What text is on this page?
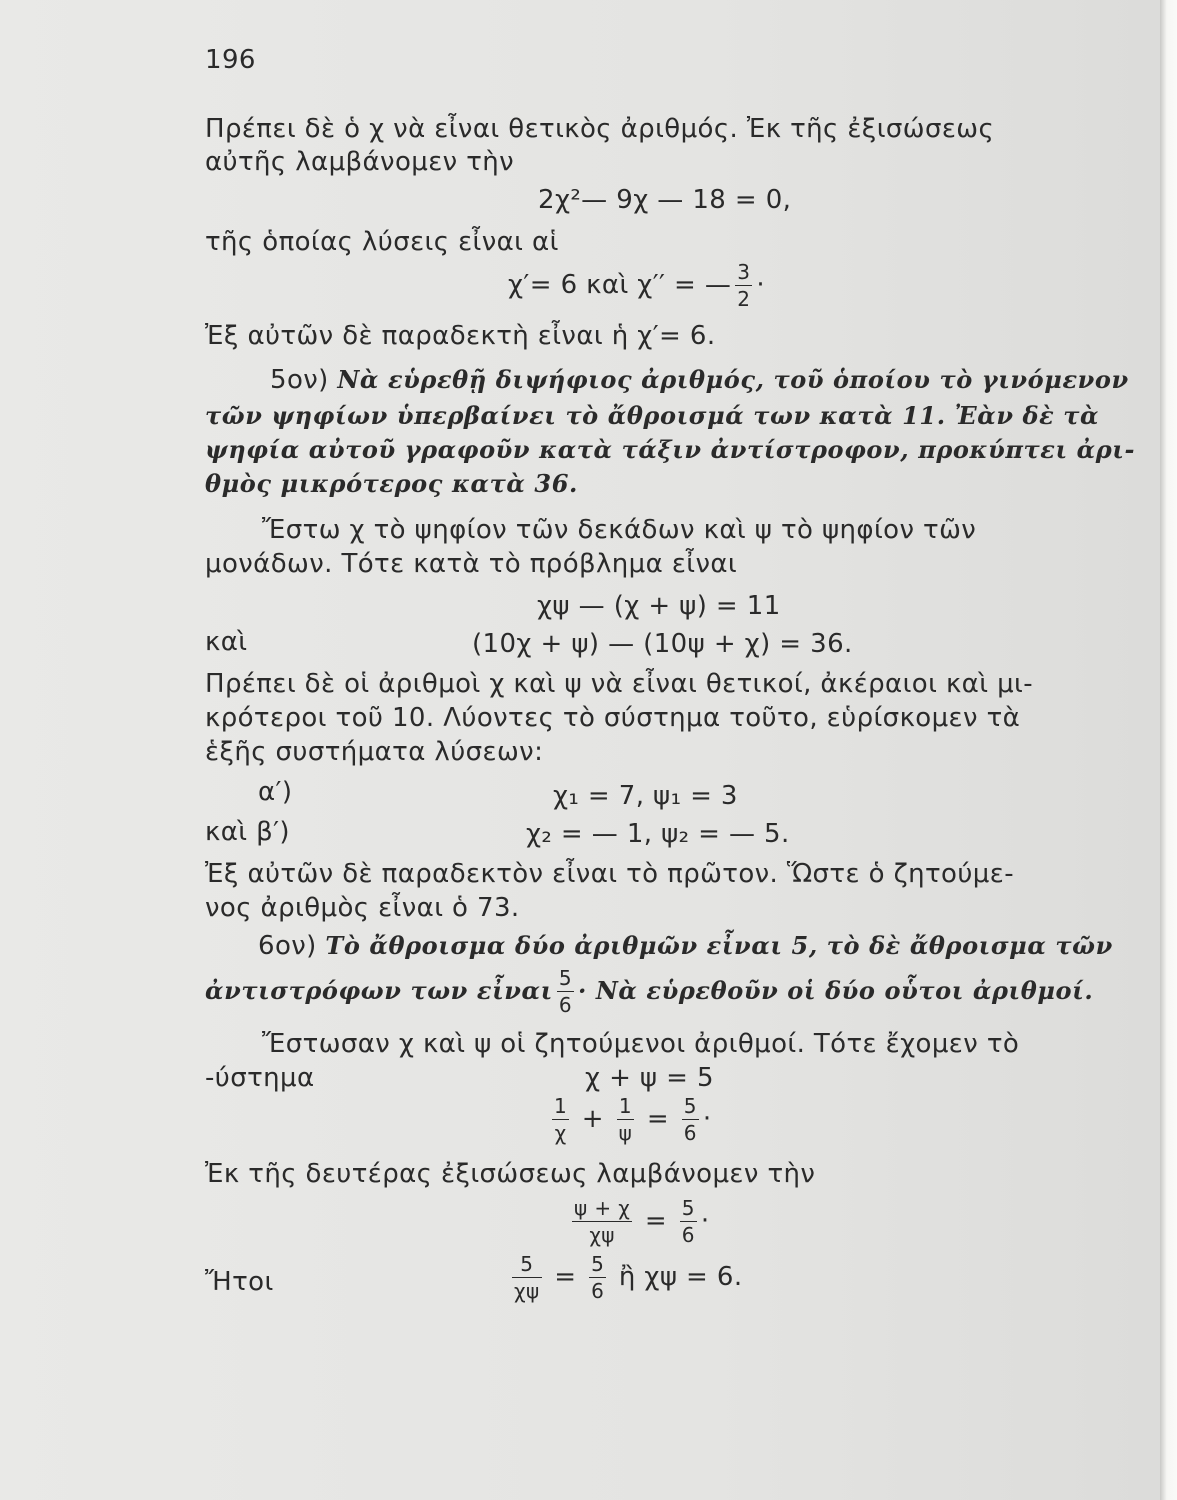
196
Πρέπει δὲ ὁ χ νὰ εἶναι θετικὸς ἀριθμός. Ἐκ τῆς ἐξισώσεως
αὐτῆς λαμβάνομεν τὴν
2χ²— 9χ — 18 = 0,
τῆς ὁποίας λύσεις εἶναι αἱ
χ′= 6 καὶ χ′′ = — $\frac{3}{2}$ ·
Ἐξ αὐτῶν δὲ παραδεκτὴ εἶναι ἡ χ′= 6.
5ον) Νὰ εὑρεθῇ διψήφιος ἀριθμός, τοῦ ὁποίου τὸ γινόμενον
τῶν ψηφίων ὑπερβαίνει τὸ ἄθροισμά των κατὰ 11. Ἐὰν δὲ τὰ
ψηφία αὐτοῦ γραφοῦν κατὰ τάξιν ἀντίστροφον, προκύπτει ἀρι-
θμὸς μικρότερος κατὰ 36.
Ἔστω χ τὸ ψηφίον τῶν δεκάδων καὶ ψ τὸ ψηφίον τῶν
μονάδων. Τότε κατὰ τὸ πρόβλημα εἶναι
χψ — (χ + ψ) = 11
καὶ	(10χ + ψ) — (10ψ + χ) = 36.
Πρέπει δὲ οἱ ἀριθμοὶ χ καὶ ψ νὰ εἶναι θετικοί, ἀκέραιοι καὶ μι-
κρότεροι τοῦ 10. Λύοντες τὸ σύστημα τοῦτο, εὑρίσκομεν τὰ
ἑξῆς συστήματα λύσεων:
α′)	χ₁ = 7, ψ₁ = 3
καὶ β′)	χ₂ = — 1, ψ₂ = — 5.
Ἐξ αὐτῶν δὲ παραδεκτὸν εἶναι τὸ πρῶτον. Ὥστε ὁ ζητούμε-
νος ἀριθμὸς εἶναι ὁ 73.
6ον) Τὸ ἄθροισμα δύο ἀριθμῶν εἶναι 5, τὸ δὲ ἄθροισμα τῶν
ἀντιστρόφων των εἶναι $\frac{5}{6}$ · Νὰ εὑρεθοῦν οἱ δύο οὗτοι ἀριθμοί.
Ἔστωσαν χ καὶ ψ οἱ ζητούμενοι ἀριθμοί. Τότε ἔχομεν τὸ
‐ύστημα	χ + ψ = 5
$\frac{1}{\chi} + \frac{1}{\psi} = \frac{5}{6}$ ·
Ἐκ τῆς δευτέρας ἐξισώσεως λαμβάνομεν τὴν
$\frac{\psi + \chi}{\chi\psi} = \frac{5}{6}$ ·
Ἤτοι	$\frac{5}{\chi\psi} = \frac{5}{6}$ ἢ χψ = 6.
